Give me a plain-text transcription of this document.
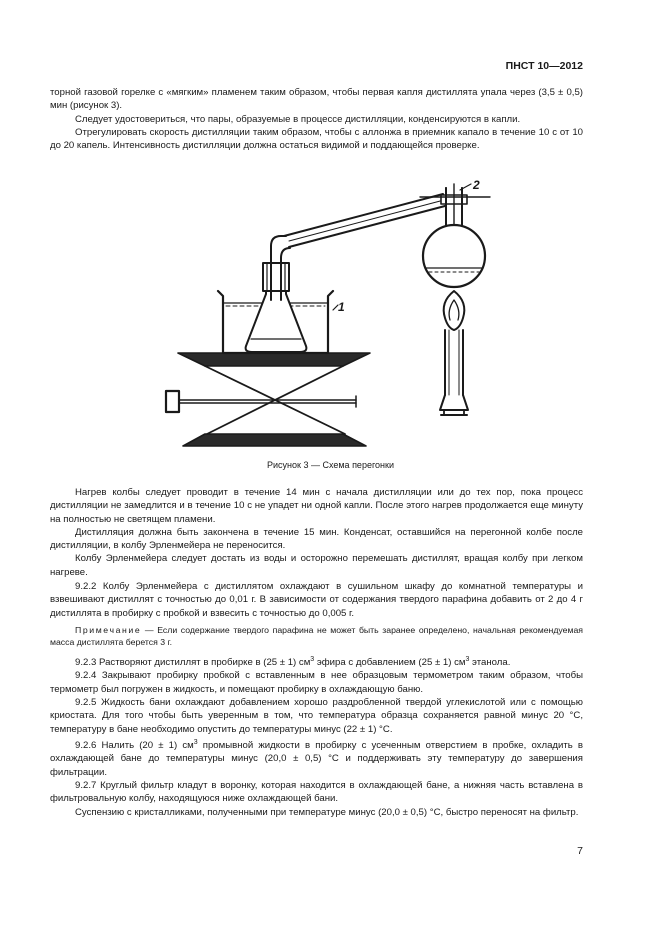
ПНСТ 10—2012

торной газовой горелке с «мягким» пламенем таким образом, чтобы первая капля дистиллята упала через (3,5 ± 0,5) мин (рисунок 3).

Следует удостовериться, что пары, образуемые в процессе дистилляции, конденсируются в капли.

Отрегулировать скорость дистилляции таким образом, чтобы с аллонжа в приемник капало в течение 10 с от 10 до 20 капель. Интенсивность дистилляции должна остаться видимой и поддающейся проверке.

1
2
Рисунок 3 — Схема перегонки

Нагрев колбы следует проводит в течение 14 мин с начала дистилляции или до тех пор, пока процесс дистилляции не замедлится и в течение 10 с не упадет ни одной капли. После этого нагрев продолжается еще минуту на полностью не светящем пламени.

Дистилляция должна быть закончена в течение 15 мин. Конденсат, оставшийся на перегонной колбе после дистилляции, в колбу Эрленмейера не переносится.

Колбу Эрленмейера следует достать из воды и осторожно перемешать дистиллят, вращая колбу при легком нагреве.

9.2.2 Колбу Эрленмейера с дистиллятом охлаждают в сушильном шкафу до комнатной температуры и взвешивают дистиллят с точностью до 0,01 г. В зависимости от содержания твердого парафина добавить от 2 до 4 г дистиллята в пробирку с пробкой и взвесить с точностью до 0,005 г.

Примечание — Если содержание твердого парафина не может быть заранее определено, начальная рекомендуемая масса дистиллята берется 3 г.

9.2.3 Растворяют дистиллят в пробирке в (25 ± 1) $см^3$ эфира с добавлением (25 ± 1) $см^3$ этанола.

9.2.4 Закрывают пробирку пробкой с вставленным в нее образцовым термометром таким образом, чтобы термометр был погружен в жидкость, и помещают пробирку в охлаждающую баню.

9.2.5 Жидкость бани охлаждают добавлением хорошо раздробленной твердой углекислотой или с помощью криостата. Для того чтобы быть уверенным в том, что температура образца сохраняется равной минус 20 °С, температуру в бане необходимо опустить до температуры минус (22 ± 1) °С.

9.2.6 Налить (20 ± 1) $см^3$ промывной жидкости в пробирку с усеченным отверстием в пробке, охладить в охлаждающей бане до температуры минус (20,0 ± 0,5) °С и поддерживать эту температуру до завершения фильтрации.

9.2.7 Круглый фильтр кладут в воронку, которая находится в охлаждающей бане, а нижняя часть вставлена в фильтровальную колбу, находящуюся ниже охлаждающей бани.

Суспензию с кристалликами, полученными при температуре минус (20,0 ± 0,5) °С, быстро переносят на фильтр.

7
